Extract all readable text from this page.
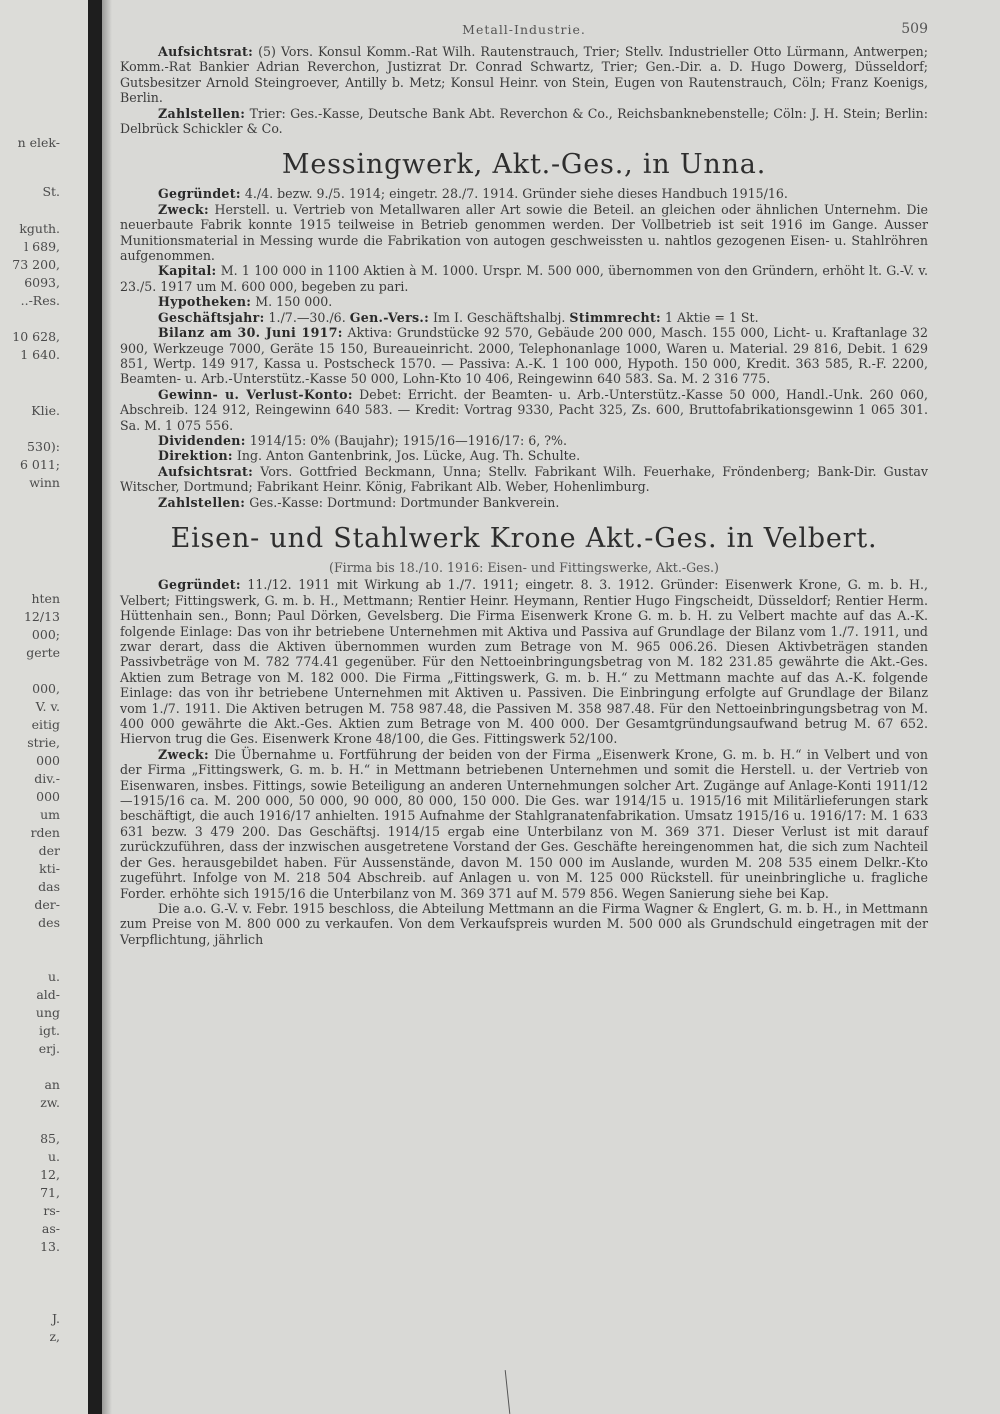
n elek-
St.
kguth.
l 689,
73 200,
6093,
..-Res.
10 628,
1 640.
Klie.
530):
6 011;
winn
hten
12/13
000;
gerte
000,
V. v.
eitig
strie,
000
div.-
000
um
rden
der
kti-
das
der-
des
u.
ald-
ung
igt.
erj.
an
zw.
85,
u.
12,
71,
rs-
as-
13.
J.
z,
Metall-Industrie.	509

Aufsichtsrat: (5) Vors. Konsul Komm.-Rat Wilh. Rautenstrauch, Trier; Stellv. Industrieller Otto Lürmann, Antwerpen; Komm.-Rat Bankier Adrian Reverchon, Justizrat Dr. Conrad Schwartz, Trier; Gen.-Dir. a. D. Hugo Dowerg, Düsseldorf; Gutsbesitzer Arnold Steingroever, Antilly b. Metz; Konsul Heinr. von Stein, Eugen von Rautenstrauch, Cöln; Franz Koenigs, Berlin.

Zahlstellen: Trier: Ges.-Kasse, Deutsche Bank Abt. Reverchon & Co., Reichsbanknebenstelle; Cöln: J. H. Stein; Berlin: Delbrück Schickler & Co.

Messingwerk, Akt.-Ges., in Unna.

Gegründet: 4./4. bezw. 9./5. 1914; eingetr. 28./7. 1914. Gründer siehe dieses Handbuch 1915/16.

Zweck: Herstell. u. Vertrieb von Metallwaren aller Art sowie die Beteil. an gleichen oder ähnlichen Unternehm. Die neuerbaute Fabrik konnte 1915 teilweise in Betrieb genommen werden. Der Vollbetrieb ist seit 1916 im Gange. Ausser Munitionsmaterial in Messing wurde die Fabrikation von autogen geschweissten u. nahtlos gezogenen Eisen- u. Stahlröhren aufgenommen.

Kapital: M. 1 100 000 in 1100 Aktien à M. 1000. Urspr. M. 500 000, übernommen von den Gründern, erhöht lt. G.-V. v. 23./5. 1917 um M. 600 000, begeben zu pari.

Hypotheken: M. 150 000.

Geschäftsjahr: 1./7.—30./6. Gen.-Vers.: Im I. Geschäftshalbj. Stimmrecht: 1 Aktie = 1 St.

Bilanz am 30. Juni 1917: Aktiva: Grundstücke 92 570, Gebäude 200 000, Masch. 155 000, Licht- u. Kraftanlage 32 900, Werkzeuge 7000, Geräte 15 150, Bureaueinricht. 2000, Telephonanlage 1000, Waren u. Material. 29 816, Debit. 1 629 851, Wertp. 149 917, Kassa u. Postscheck 1570. — Passiva: A.-K. 1 100 000, Hypoth. 150 000, Kredit. 363 585, R.-F. 2200, Beamten- u. Arb.-Unterstütz.-Kasse 50 000, Lohn-Kto 10 406, Reingewinn 640 583. Sa. M. 2 316 775.

Gewinn- u. Verlust-Konto: Debet: Erricht. der Beamten- u. Arb.-Unterstütz.-Kasse 50 000, Handl.-Unk. 260 060, Abschreib. 124 912, Reingewinn 640 583. — Kredit: Vortrag 9330, Pacht 325, Zs. 600, Bruttofabrikationsgewinn 1 065 301. Sa. M. 1 075 556.

Dividenden: 1914/15: 0% (Baujahr); 1915/16—1916/17: 6, ?%.

Direktion: Ing. Anton Gantenbrink, Jos. Lücke, Aug. Th. Schulte.

Aufsichtsrat: Vors. Gottfried Beckmann, Unna; Stellv. Fabrikant Wilh. Feuerhake, Fröndenberg; Bank-Dir. Gustav Witscher, Dortmund; Fabrikant Heinr. König, Fabrikant Alb. Weber, Hohenlimburg.

Zahlstellen: Ges.-Kasse: Dortmund: Dortmunder Bankverein.

Eisen- und Stahlwerk Krone Akt.-Ges. in Velbert.

(Firma bis 18./10. 1916: Eisen- und Fittingswerke, Akt.-Ges.)

Gegründet: 11./12. 1911 mit Wirkung ab 1./7. 1911; eingetr. 8. 3. 1912. Gründer: Eisenwerk Krone, G. m. b. H., Velbert; Fittingswerk, G. m. b. H., Mettmann; Rentier Heinr. Heymann, Rentier Hugo Fingscheidt, Düsseldorf; Rentier Herm. Hüttenhain sen., Bonn; Paul Dörken, Gevelsberg. Die Firma Eisenwerk Krone G. m. b. H. zu Velbert machte auf das A.-K. folgende Einlage: Das von ihr betriebene Unternehmen mit Aktiva und Passiva auf Grundlage der Bilanz vom 1./7. 1911, und zwar derart, dass die Aktiven übernommen wurden zum Betrage von M. 965 006.26. Diesen Aktivbeträgen standen Passivbeträge von M. 782 774.41 gegenüber. Für den Nettoeinbringungsbetrag von M. 182 231.85 gewährte die Akt.-Ges. Aktien zum Betrage von M. 182 000. Die Firma „Fittingswerk, G. m. b. H.“ zu Mettmann machte auf das A.-K. folgende Einlage: das von ihr betriebene Unternehmen mit Aktiven u. Passiven. Die Einbringung erfolgte auf Grundlage der Bilanz vom 1./7. 1911. Die Aktiven betrugen M. 758 987.48, die Passiven M. 358 987.48. Für den Nettoeinbringungsbetrag von M. 400 000 gewährte die Akt.-Ges. Aktien zum Betrage von M. 400 000. Der Gesamtgründungsaufwand betrug M. 67 652. Hiervon trug die Ges. Eisenwerk Krone 48/100, die Ges. Fittingswerk 52/100.

Zweck: Die Übernahme u. Fortführung der beiden von der Firma „Eisenwerk Krone, G. m. b. H.“ in Velbert und von der Firma „Fittingswerk, G. m. b. H.“ in Mettmann betriebenen Unternehmen und somit die Herstell. u. der Vertrieb von Eisenwaren, insbes. Fittings, sowie Beteiligung an anderen Unternehmungen solcher Art. Zugänge auf Anlage-Konti 1911/12—1915/16 ca. M. 200 000, 50 000, 90 000, 80 000, 150 000. Die Ges. war 1914/15 u. 1915/16 mit Militärlieferungen stark beschäftigt, die auch 1916/17 anhielten. 1915 Aufnahme der Stahlgranatenfabrikation. Umsatz 1915/16 u. 1916/17: M. 1 633 631 bezw. 3 479 200. Das Geschäftsj. 1914/15 ergab eine Unterbilanz von M. 369 371. Dieser Verlust ist mit darauf zurückzuführen, dass der inzwischen ausgetretene Vorstand der Ges. Geschäfte hereingenommen hat, die sich zum Nachteil der Ges. herausgebildet haben. Für Aussenstände, davon M. 150 000 im Auslande, wurden M. 208 535 einem Delkr.-Kto zugeführt. Infolge von M. 218 504 Abschreib. auf Anlagen u. von M. 125 000 Rückstell. für uneinbringliche u. fragliche Forder. erhöhte sich 1915/16 die Unterbilanz von M. 369 371 auf M. 579 856. Wegen Sanierung siehe bei Kap.

Die a.o. G.-V. v. Febr. 1915 beschloss, die Abteilung Mettmann an die Firma Wagner & Englert, G. m. b. H., in Mettmann zum Preise von M. 800 000 zu verkaufen. Von dem Verkaufspreis wurden M. 500 000 als Grundschuld eingetragen mit der Verpflichtung, jährlich
